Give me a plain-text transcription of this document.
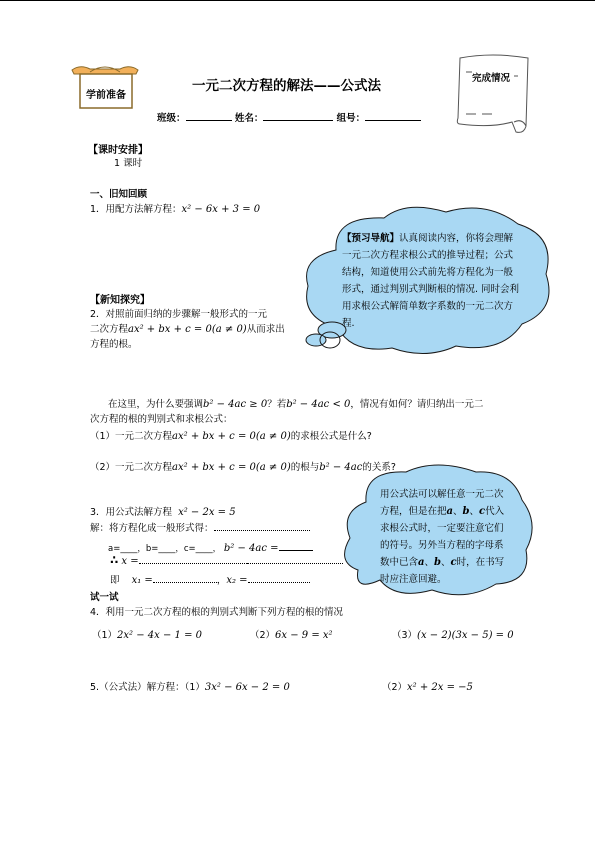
学前准备
一元二次方程的解法——公式法	完成情况
班级：	姓名：	组号：
【课时安排】
1 课时
一、旧知回顾
1．用配方法解方程：x² − 6x + 3 = 0
【预习导航】认真阅读内容，你将会理解一元二次方程求根公式的推导过程；公式结构，知道使用公式前先将方程化为一般形式，通过判别式判断根的情况. 同时会利用求根公式解简单数字系数的一元二次方程.
【新知探究】
2．对照前面归纳的步骤解一般形式的一元
二次方程ax² + bx + c = 0(a ≠ 0)从而求出
方程的根。
在这里，为什么要强调b² − 4ac ≥ 0？若b² − 4ac < 0，情况有如何？请归纳出一元二
次方程的根的判别式和求根公式：
（1）一元二次方程ax² + bx + c = 0(a ≠ 0)的求根公式是什么?
（2）一元二次方程ax² + bx + c = 0(a ≠ 0)的根与b² − 4ac的关系?
用公式法可以解任意一元二次方程，但是在把a、b、c代入求根公式时，一定要注意它们的符号。另外当方程的字母系数中已含a、b、c时，在书写时应注意回避。
3．用公式法解方程 x² − 2x = 5
解：将方程化成一般形式得：
a=____，b=____，c=____， b² − 4ac =
∴ x =
即 x₁ =	，x₂ =
试一试
4．利用一元二次方程的根的判别式判断下列方程的根的情况
（1）2x² − 4x − 1 = 0	（2）6x − 9 = x²	（3）(x − 2)(3x − 5) = 0
5.（公式法）解方程：（1）3x² − 6x − 2 = 0	（2）x² + 2x = −5
